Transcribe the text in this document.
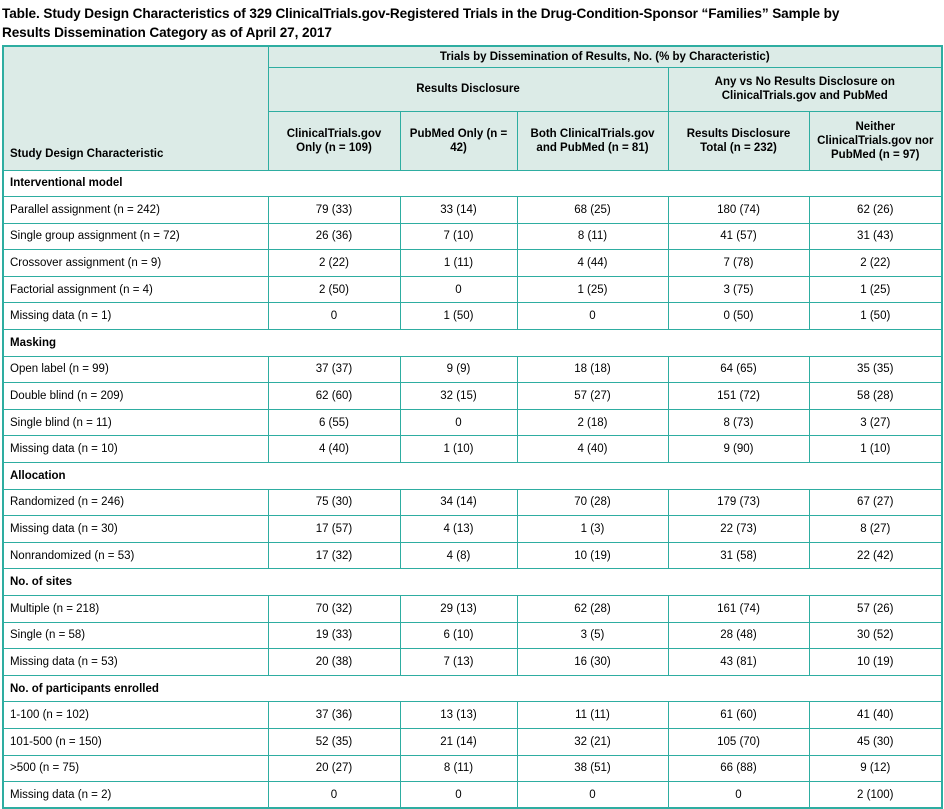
Table. Study Design Characteristics of 329 ClinicalTrials.gov-Registered Trials in the Drug-Condition-Sponsor “Families” Sample by
Results Dissemination Category as of April 27, 2017
Study Design Characteristic	Trials by Dissemination of Results, No. (% by Characteristic)				
	Results Disclosure			Any vs No Results Disclosure on ClinicalTrials.gov and PubMed	
	ClinicalTrials.gov Only (n = 109)	PubMed Only (n = 42)	Both ClinicalTrials.gov and PubMed (n = 81)	Results Disclosure Total (n = 232)	Neither ClinicalTrials.gov nor PubMed (n = 97)
Interventional model					
Parallel assignment (n = 242)	79 (33)	33 (14)	68 (25)	180 (74)	62 (26)
Single group assignment (n = 72)	26 (36)	7 (10)	8 (11)	41 (57)	31 (43)
Crossover assignment (n = 9)	2 (22)	1 (11)	4 (44)	7 (78)	2 (22)
Factorial assignment (n = 4)	2 (50)	0	1 (25)	3 (75)	1 (25)
Missing data (n = 1)	0	1 (50)	0	0 (50)	1 (50)
Masking					
Open label (n = 99)	37 (37)	9 (9)	18 (18)	64 (65)	35 (35)
Double blind (n = 209)	62 (60)	32 (15)	57 (27)	151 (72)	58 (28)
Single blind (n = 11)	6 (55)	0	2 (18)	8 (73)	3 (27)
Missing data (n = 10)	4 (40)	1 (10)	4 (40)	9 (90)	1 (10)
Allocation					
Randomized (n = 246)	75 (30)	34 (14)	70 (28)	179 (73)	67 (27)
Missing data (n = 30)	17 (57)	4 (13)	1 (3)	22 (73)	8 (27)
Nonrandomized (n = 53)	17 (32)	4 (8)	10 (19)	31 (58)	22 (42)
No. of sites					
Multiple (n = 218)	70 (32)	29 (13)	62 (28)	161 (74)	57 (26)
Single (n = 58)	19 (33)	6 (10)	3 (5)	28 (48)	30 (52)
Missing data (n = 53)	20 (38)	7 (13)	16 (30)	43 (81)	10 (19)
No. of participants enrolled					
1-100 (n = 102)	37 (36)	13 (13)	11 (11)	61 (60)	41 (40)
101-500 (n = 150)	52 (35)	21 (14)	32 (21)	105 (70)	45 (30)
>500 (n = 75)	20 (27)	8 (11)	38 (51)	66 (88)	9 (12)
Missing data (n = 2)	0	0	0	0	2 (100)
